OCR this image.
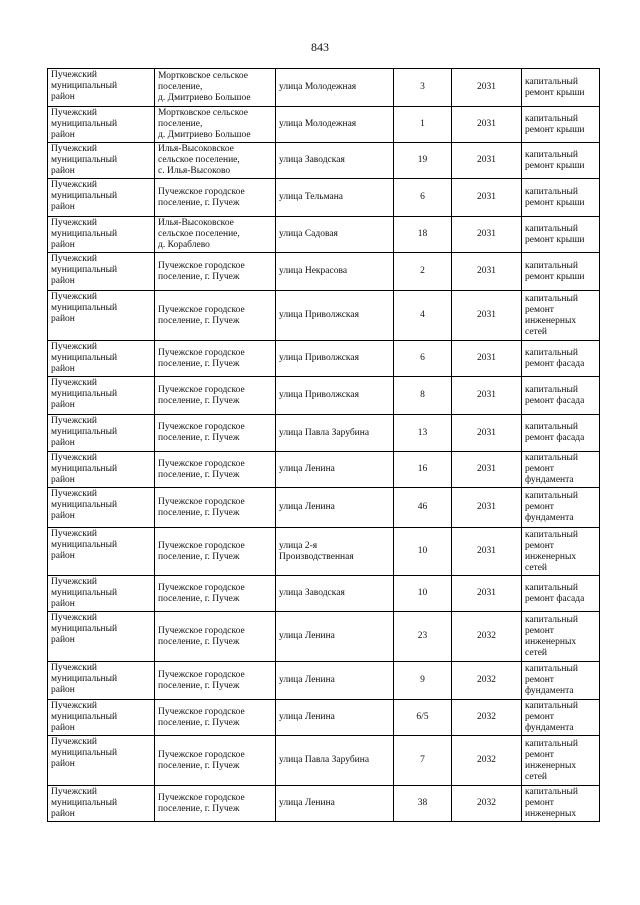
843
Пучежский
муниципальный
район	Мортковское сельское
поселение,
д. Дмитриево Большое	улица Молодежная	3	2031	капитальный
ремонт крыши
Пучежский
муниципальный
район	Мортковское сельское
поселение,
д. Дмитриево Большое	улица Молодежная	1	2031	капитальный
ремонт крыши
Пучежский
муниципальный
район	Илья-Высоковское
сельское поселение,
с. Илья-Высоково	улица Заводская	19	2031	капитальный
ремонт крыши
Пучежский
муниципальный
район	Пучежское городское
поселение, г. Пучеж	улица Тельмана	6	2031	капитальный
ремонт крыши
Пучежский
муниципальный
район	Илья-Высоковское
сельское поселение,
д. Кораблево	улица Садовая	18	2031	капитальный
ремонт крыши
Пучежский
муниципальный
район	Пучежское городское
поселение, г. Пучеж	улица Некрасова	2	2031	капитальный
ремонт крыши
Пучежский
муниципальный
район	Пучежское городское
поселение, г. Пучеж	улица Приволжская	4	2031	капитальный
ремонт
инженерных
сетей
Пучежский
муниципальный
район	Пучежское городское
поселение, г. Пучеж	улица Приволжская	6	2031	капитальный
ремонт фасада
Пучежский
муниципальный
район	Пучежское городское
поселение, г. Пучеж	улица Приволжская	8	2031	капитальный
ремонт фасада
Пучежский
муниципальный
район	Пучежское городское
поселение, г. Пучеж	улица Павла Зарубина	13	2031	капитальный
ремонт фасада
Пучежский
муниципальный
район	Пучежское городское
поселение, г. Пучеж	улица Ленина	16	2031	капитальный
ремонт
фундамента
Пучежский
муниципальный
район	Пучежское городское
поселение, г. Пучеж	улица Ленина	46	2031	капитальный
ремонт
фундамента
Пучежский
муниципальный
район	Пучежское городское
поселение, г. Пучеж	улица 2-я
Производственная	10	2031	капитальный
ремонт
инженерных
сетей
Пучежский
муниципальный
район	Пучежское городское
поселение, г. Пучеж	улица Заводская	10	2031	капитальный
ремонт фасада
Пучежский
муниципальный
район	Пучежское городское
поселение, г. Пучеж	улица Ленина	23	2032	капитальный
ремонт
инженерных
сетей
Пучежский
муниципальный
район	Пучежское городское
поселение, г. Пучеж	улица Ленина	9	2032	капитальный
ремонт
фундамента
Пучежский
муниципальный
район	Пучежское городское
поселение, г. Пучеж	улица Ленина	6/5	2032	капитальный
ремонт
фундамента
Пучежский
муниципальный
район	Пучежское городское
поселение, г. Пучеж	улица Павла Зарубина	7	2032	капитальный
ремонт
инженерных
сетей
Пучежский
муниципальный
район	Пучежское городское
поселение, г. Пучеж	улица Ленина	38	2032	капитальный
ремонт
инженерных
